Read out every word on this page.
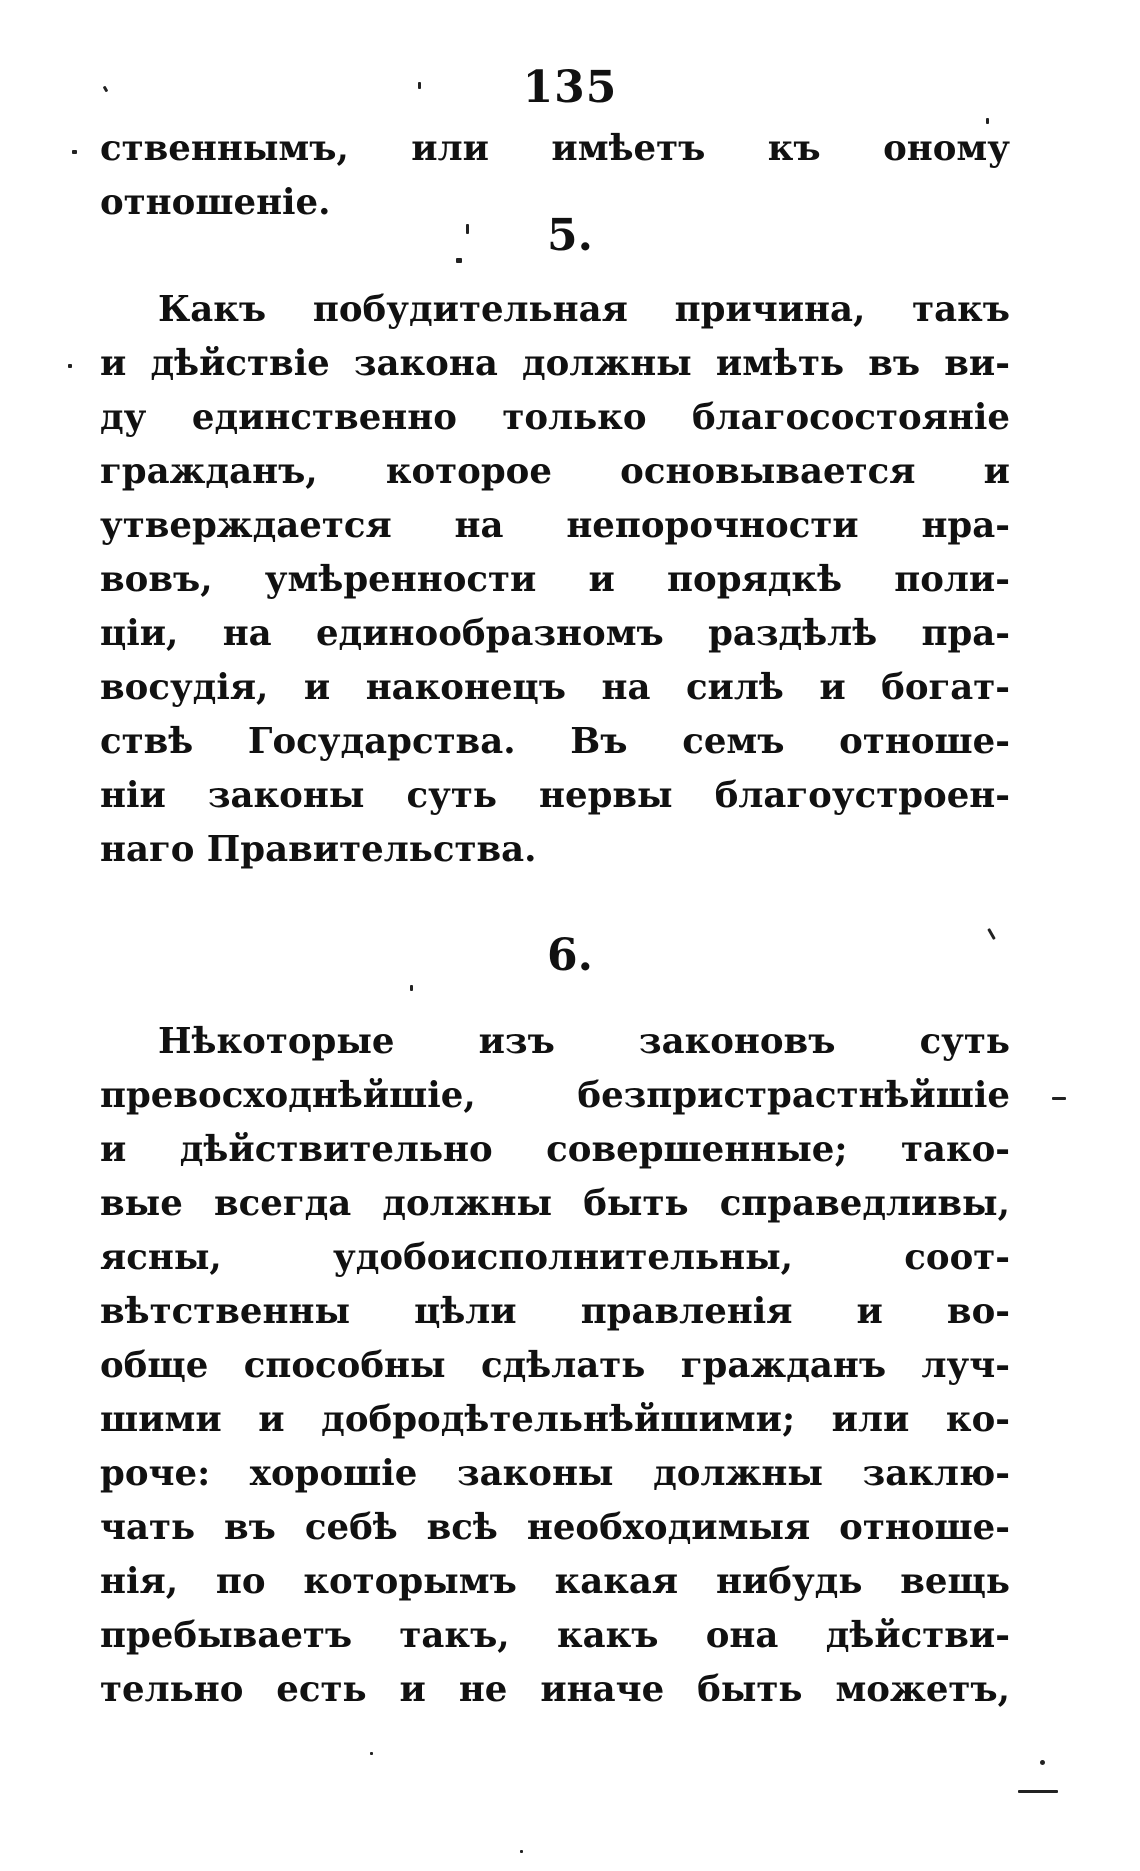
135
ственнымъ, или имѣетъ къ оному
отношеніе.
5.
Какъ побудительная причина, такъ
и дѣйствіе закона должны имѣть въ ви-
ду единственно только благосостояніе
гражданъ, которое основывается и
утверждается на непорочности нра-
вовъ, умѣренности и порядкѣ поли-
ціи, на единообразномъ раздѣлѣ пра-
восудія, и наконецъ на силѣ и богат-
ствѣ Государства. Въ семъ отноше-
ніи законы суть нервы благоустроен-
наго Правительства.
6.
Нѣкоторые изъ законовъ суть
превосходнѣйшіе, безпристрастнѣйшіе
и дѣйствительно совершенные; тако-
вые всегда должны быть справедливы,
ясны, удобоисполнительны, соот-
вѣтственны цѣли правленія и во-
обще способны сдѣлать гражданъ луч-
шими и добродѣтельнѣйшими; или ко-
роче: хорошіе законы должны заклю-
чать въ себѣ всѣ необходимыя отноше-
нія, по которымъ какая нибудь вещь
пребываетъ такъ, какъ она дѣйстви-
тельно есть и не иначе быть можетъ,
